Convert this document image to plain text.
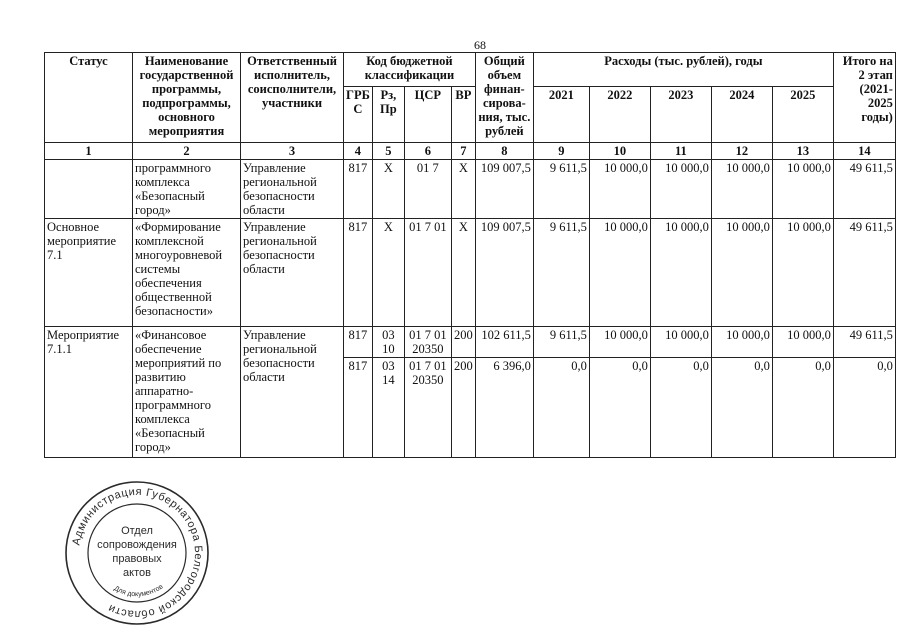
68
Статус	Наименование государственной программы, подпрограммы, основного мероприятия	Ответственный исполнитель, соисполнители, участники	Код бюджетной классификации				Общий объем финан-сирова-ния, тыс. рублей	Расходы (тыс. рублей), годы					Итого на 2 этап (2021-2025 годы)
			ГРБ С	Рз, Пр	ЦСР	ВР		2021	2022	2023	2024	2025	
1	2	3	4	5	6	7	8	9	10	11	12	13	14
	программного комплекса «Безопасный город»	Управление региональной безопасности области	817	Х	01 7	Х	109 007,5	9 611,5	10 000,0	10 000,0	10 000,0	10 000,0	49 611,5
Основное мероприятие 7.1	«Формирование комплексной многоуровневой системы обеспечения общественной безопасности»	Управление региональной безопасности области	817	Х	01 7 01	Х	109 007,5	9 611,5	10 000,0	10 000,0	10 000,0	10 000,0	49 611,5
Мероприятие 7.1.1	«Финансовое обеспечение мероприятий по развитию аппаратно-программного комплекса «Безопасный город»	Управление региональной безопасности области	817	03 10	01 7 01 20350	200	102 611,5	9 611,5	10 000,0	10 000,0	10 000,0	10 000,0	49 611,5
			817	03 14	01 7 01 20350	200	6 396,0	0,0	0,0	0,0	0,0	0,0	0,0
Администрация Губернатора Белгородской области
Для документов
Отдел
сопровождения
правовых
актов
